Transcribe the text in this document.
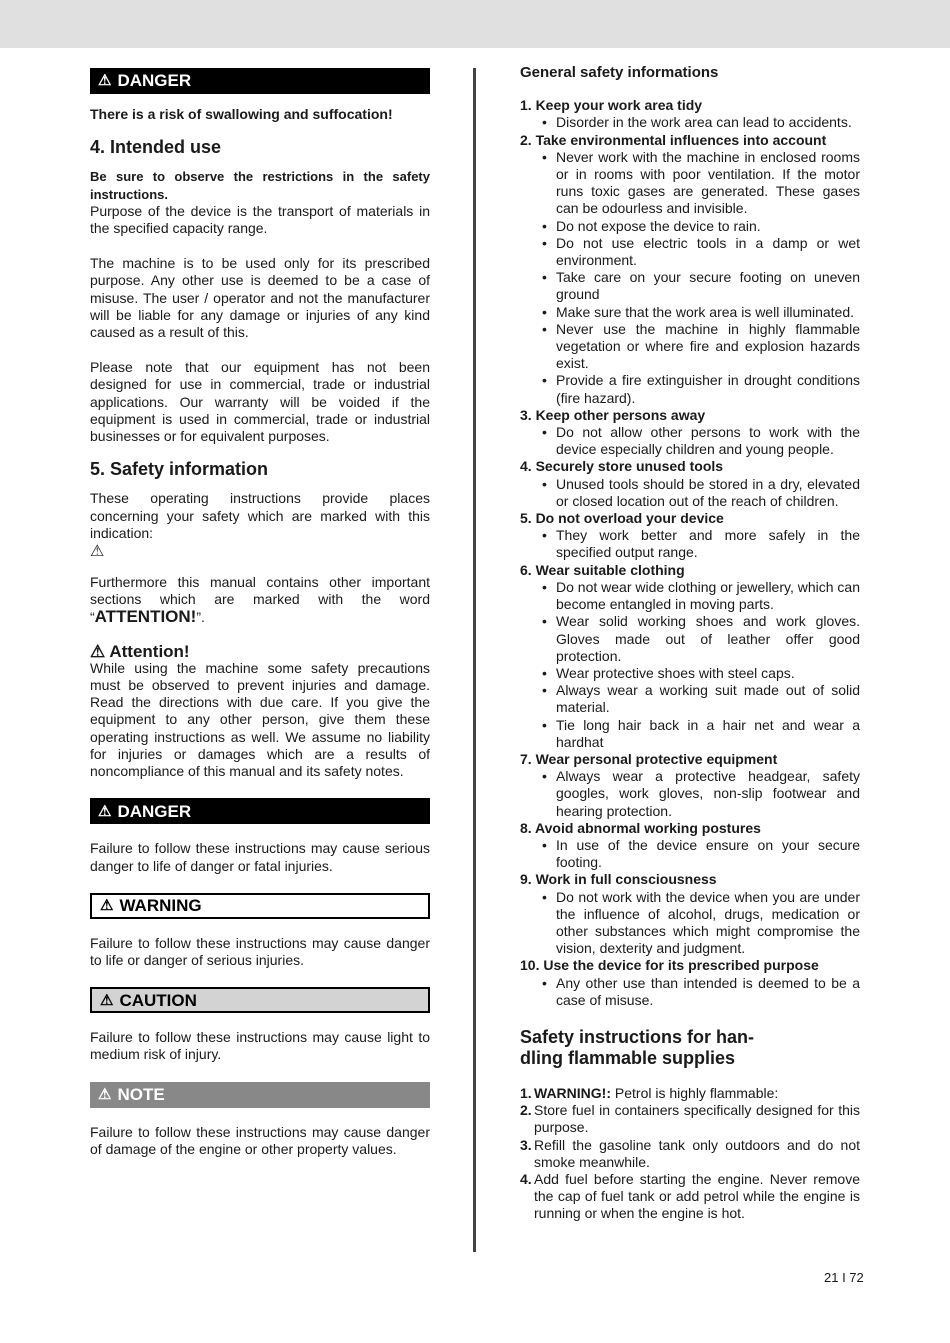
⚠ DANGER

There is a risk of swallowing and suffocation!

4. Intended use

Be sure to observe the restrictions in the safety instructions.

Purpose of the device is the transport of materials in the specified capacity range.

The machine is to be used only for its prescribed purpose. Any other use is deemed to be a case of misuse. The user / operator and not the manufacturer will be liable for any damage or injuries of any kind caused as a result of this.

Please note that our equipment has not been designed for use in commercial, trade or industrial applications. Our warranty will be voided if the equipment is used in commercial, trade or industrial businesses or for equivalent purposes.

5. Safety information

These operating instructions provide places concerning your safety which are marked with this indication:

⚠

Furthermore this manual contains other important sections which are marked with the word “ATTENTION!”.

⚠ Attention!

While using the machine some safety precautions must be observed to prevent injuries and damage. Read the directions with due care. If you give the equipment to any other person, give them these operating instructions as well. We assume no liability for injuries or damages which are a results of noncompliance of this manual and its safety notes.

⚠ DANGER

Failure to follow these instructions may cause serious danger to life of danger or fatal injuries.

⚠ WARNING

Failure to follow these instructions may cause danger to life or danger of serious injuries.

⚠ CAUTION

Failure to follow these instructions may cause light to medium risk of injury.

⚠ NOTE

Failure to follow these instructions may cause danger of damage of the engine or other property values.

General safety informations
1. Keep your work area tidy
• Disorder in the work area can lead to accidents.
2. Take environmental influences into account
• Never work with the machine in enclosed rooms or in rooms with poor ventilation. If the motor runs toxic gases are generated. These gases can be odourless and invisible.
• Do not expose the device to rain.
• Do not use electric tools in a damp or wet environment.
• Take care on your secure footing on uneven ground
• Make sure that the work area is well illuminated.
• Never use the machine in highly flammable vegetation or where fire and explosion hazards exist.
• Provide a fire extinguisher in drought conditions (fire hazard).
3. Keep other persons away
• Do not allow other persons to work with the device especially children and young people.
4. Securely store unused tools
• Unused tools should be stored in a dry, elevated or closed location out of the reach of children.
5. Do not overload your device
• They work better and more safely in the specified output range.
6. Wear suitable clothing
• Do not wear wide clothing or jewellery, which can become entangled in moving parts.
• Wear solid working shoes and work gloves. Gloves made out of leather offer good protection.
• Wear protective shoes with steel caps.
• Always wear a working suit made out of solid material.
• Tie long hair back in a hair net and wear a hardhat
7. Wear personal protective equipment
• Always wear a protective headgear, safety googles, work gloves, non-slip footwear and hearing protection.
8. Avoid abnormal working postures
• In use of the device ensure on your secure footing.
9. Work in full consciousness
• Do not work with the device when you are under the influence of alcohol, drugs, medication or other substances which might compromise the vision, dexterity and judgment.
10. Use the device for its prescribed purpose
• Any other use than intended is deemed to be a case of misuse.
Safety instructions for han-
dling flammable supplies
1. WARNING!: Petrol is highly flammable:
2. Store fuel in containers specifically designed for this purpose.
3. Refill the gasoline tank only outdoors and do not smoke meanwhile.
4. Add fuel before starting the engine. Never remove the cap of fuel tank or add petrol while the engine is running or when the engine is hot.
21 I 72
